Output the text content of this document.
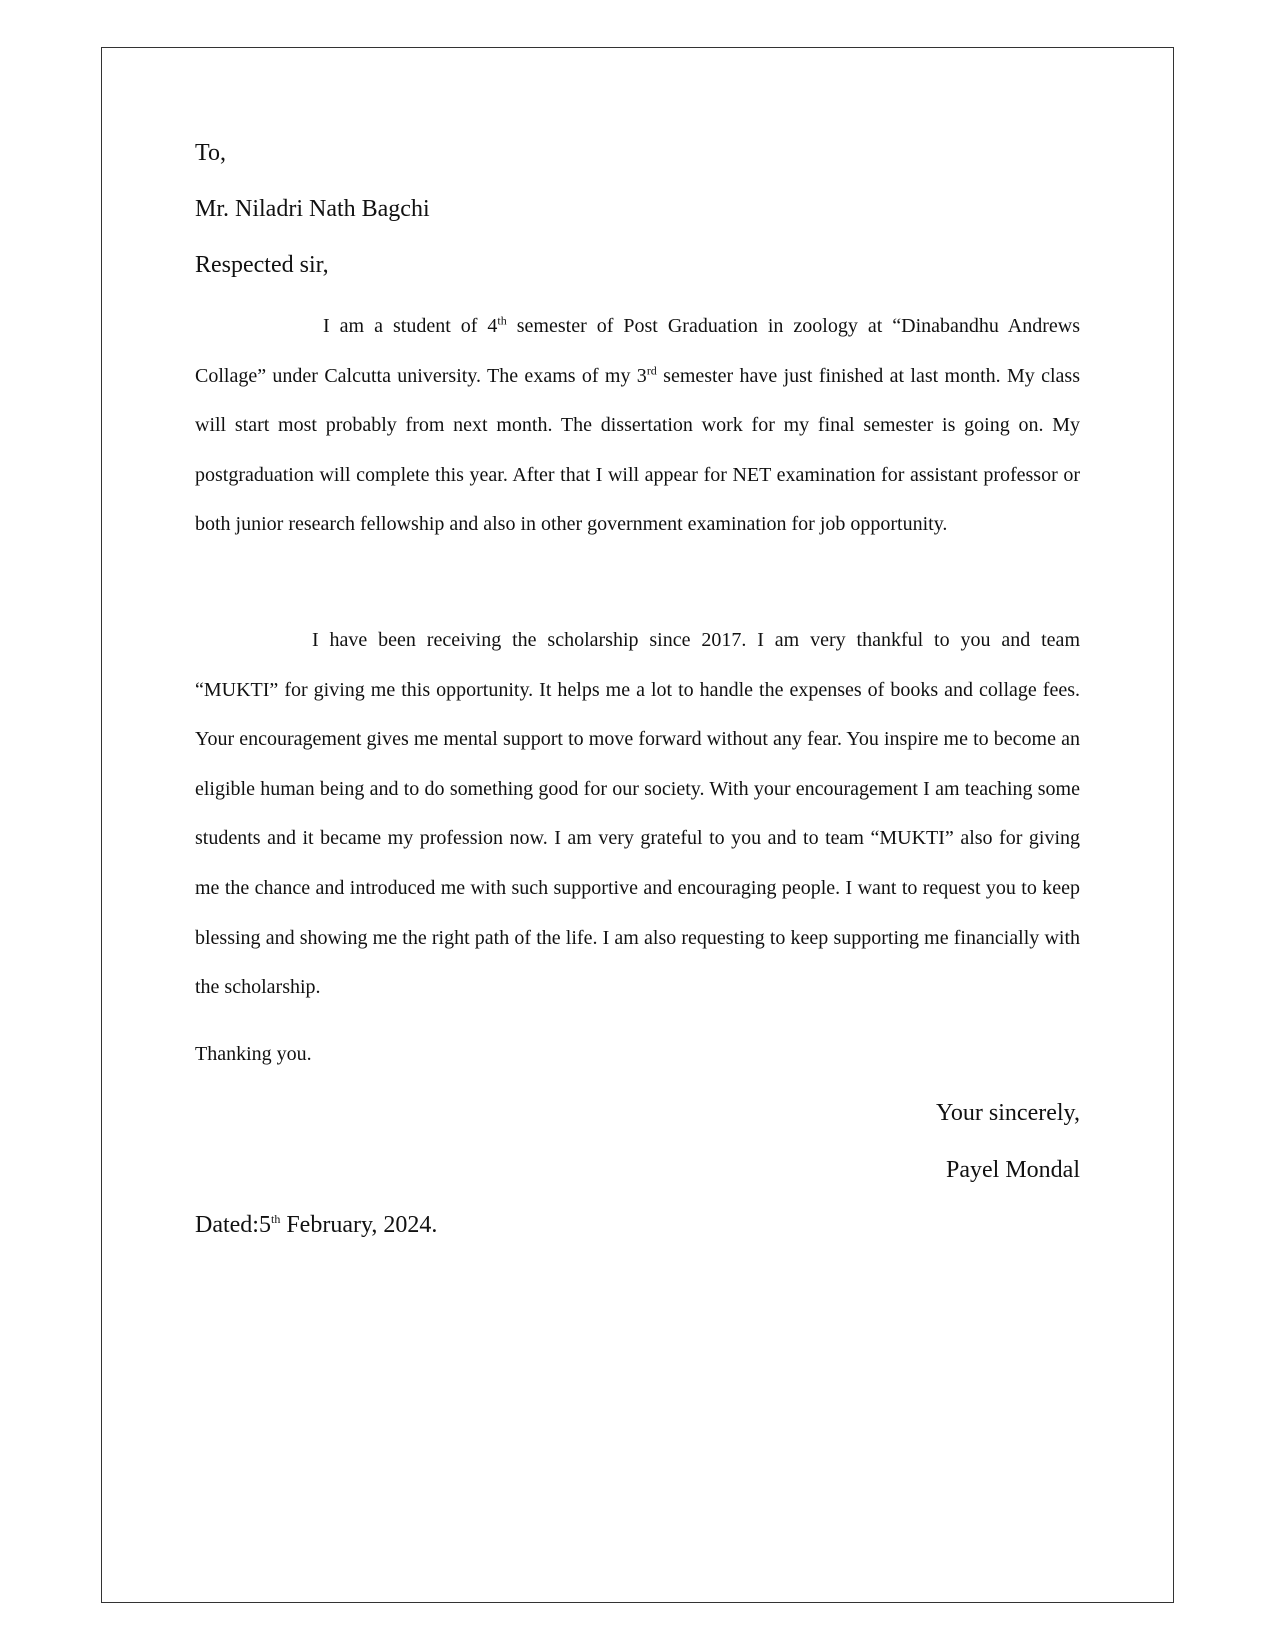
To,
Mr. Niladri Nath Bagchi
Respected sir,

I am a student of 4th semester of Post Graduation in zoology at “Dinabandhu Andrews Collage” under Calcutta university. The exams of my 3rd semester have just finished at last month. My class will start most probably from next month. The dissertation work for my final semester is going on. My postgraduation will complete this year. After that I will appear for NET examination for assistant professor or both junior research fellowship and also in other government examination for job opportunity.

I have been receiving the scholarship since 2017. I am very thankful to you and team “MUKTI” for giving me this opportunity. It helps me a lot to handle the expenses of books and collage fees. Your encouragement gives me mental support to move forward without any fear. You inspire me to become an eligible human being and to do something good for our society. With your encouragement I am teaching some students and it became my profession now. I am very grateful to you and to team “MUKTI” also for giving me the chance and introduced me with such supportive and encouraging people. I want to request you to keep blessing and showing me the right path of the life. I am also requesting to keep supporting me financially with the scholarship.

Thanking you.
Your sincerely,
Payel Mondal
Dated:5th February, 2024.
